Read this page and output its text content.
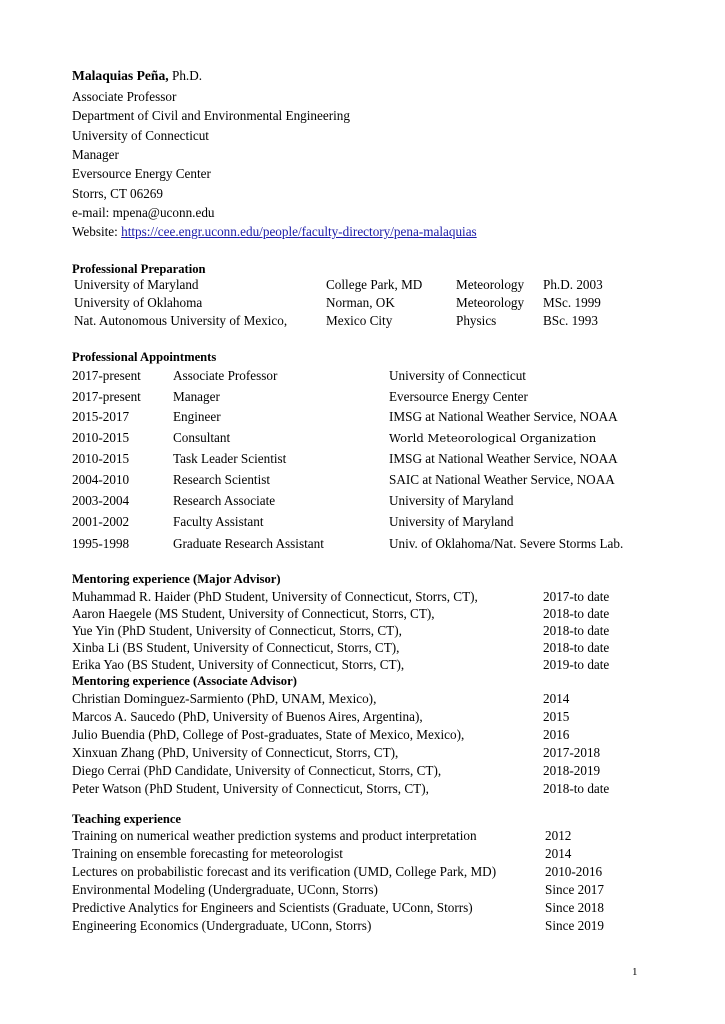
Malaquias Peña, Ph.D.
Associate Professor
Department of Civil and Environmental Engineering
University of Connecticut
Manager
Eversource Energy Center
Storrs, CT 06269
e-mail: mpena@uconn.edu
Website: https://cee.engr.uconn.edu/people/faculty-directory/pena-malaquias
Professional Preparation
University of Maryland	College Park, MD	Meteorology Ph.D. 2003
University of Oklahoma	Norman, OK	Meteorology MSc. 1999
Nat. Autonomous University of Mexico,	Mexico City	Physics	BSc. 1993
Professional Appointments
2017-present Associate Professor	University of Connecticut
2017-present Manager	Eversource Energy Center
2015-2017	Engineer	IMSG at National Weather Service, NOAA
2010-2015	Consultant	World Meteorological Organization
2010-2015	Task Leader Scientist	IMSG at National Weather Service, NOAA
2004-2010	Research Scientist	SAIC at National Weather Service, NOAA
2003-2004	Research Associate	University of Maryland
2001-2002	Faculty Assistant	University of Maryland
1995-1998	Graduate Research Assistant	Univ. of Oklahoma/Nat. Severe Storms Lab.
Mentoring experience (Major Advisor)
Muhammad R. Haider (PhD Student, University of Connecticut, Storrs, CT),	2017-to date
Aaron Haegele (MS Student, University of Connecticut, Storrs, CT),	2018-to date
Yue Yin (PhD Student, University of Connecticut, Storrs, CT),	2018-to date
Xinba Li (BS Student, University of Connecticut, Storrs, CT),	2018-to date
Erika Yao (BS Student, University of Connecticut, Storrs, CT),	2019-to date
Mentoring experience (Associate Advisor)
Christian Dominguez-Sarmiento (PhD, UNAM, Mexico),	2014
Marcos A. Saucedo (PhD, University of Buenos Aires, Argentina),	2015
Julio Buendia (PhD, College of Post-graduates, State of Mexico, Mexico),	2016
Xinxuan Zhang (PhD, University of Connecticut, Storrs, CT),	2017-2018
Diego Cerrai (PhD Candidate, University of Connecticut, Storrs, CT),	2018-2019
Peter Watson (PhD Student, University of Connecticut, Storrs, CT),	2018-to date
Teaching experience
Training on numerical weather prediction systems and product interpretation	2012
Training on ensemble forecasting for meteorologist	2014
Lectures on probabilistic forecast and its verification (UMD, College Park, MD)	2010-2016
Environmental Modeling (Undergraduate, UConn, Storrs)	Since 2017
Predictive Analytics for Engineers and Scientists (Graduate, UConn, Storrs)	Since 2018
Engineering Economics (Undergraduate, UConn, Storrs)	Since 2019
1
